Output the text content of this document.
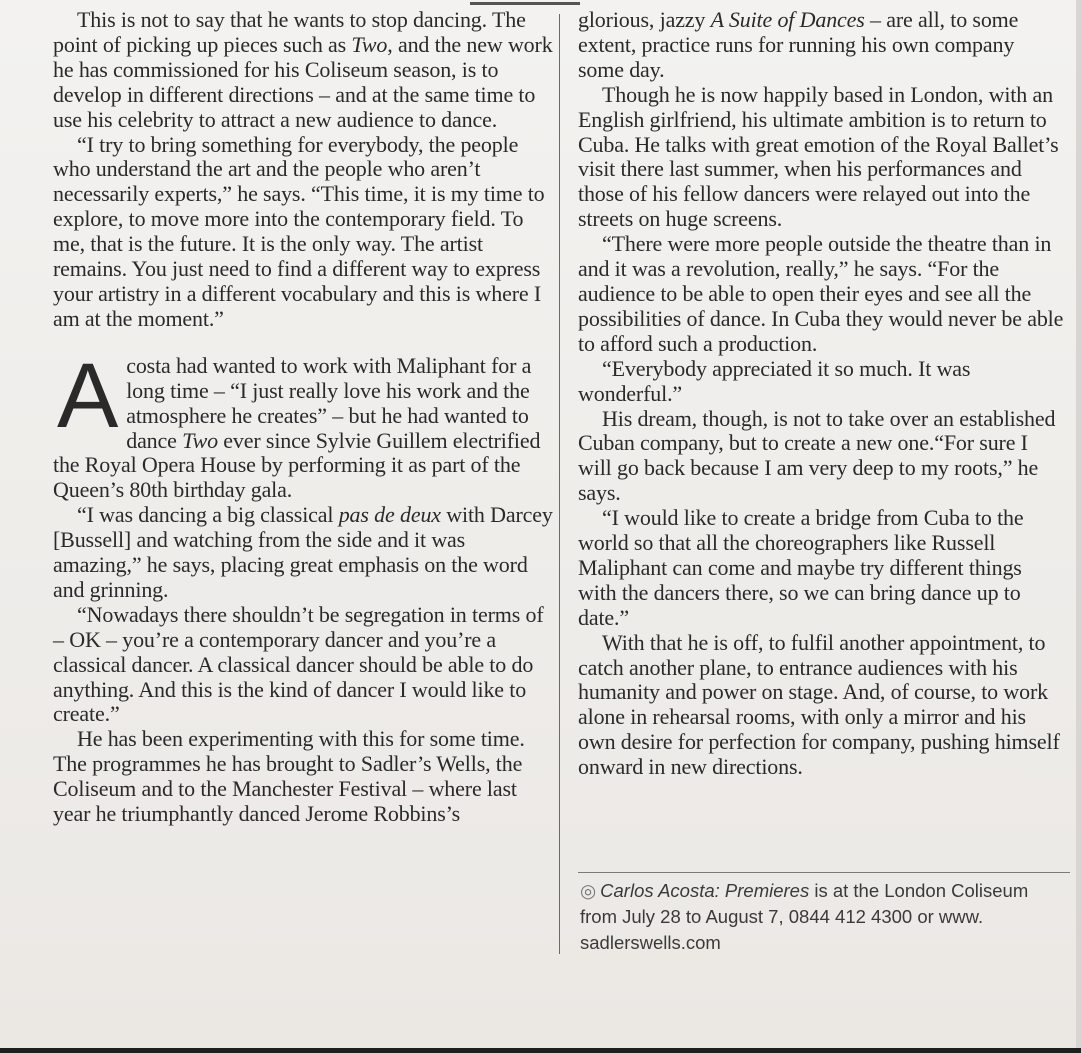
This is not to say that he wants to stop dancing. The point of picking up pieces such as Two, and the new work he has commissioned for his Coliseum season, is to develop in different directions – and at the same time to use his celebrity to attract a new audience to dance.

“I try to bring something for everybody, the people who understand the art and the people who aren’t necessarily experts,” he says. “This time, it is my time to explore, to move more into the contemporary field. To me, that is the future. It is the only way. The artist remains. You just need to find a different way to express your artistry in a different vocabulary and this is where I am at the moment.”

Acosta had wanted to work with Maliphant for a long time – “I just really love his work and the atmosphere he creates” – but he had wanted to dance Two ever since Sylvie Guillem electrified the Royal Opera House by performing it as part of the Queen’s 80th birthday gala.

“I was dancing a big classical pas de deux with Darcey [Bussell] and watching from the side and it was amazing,” he says, placing great emphasis on the word and grinning.

“Nowadays there shouldn’t be segregation in terms of – OK – you’re a contemporary dancer and you’re a classical dancer. A classical dancer should be able to do anything. And this is the kind of dancer I would like to create.”

He has been experimenting with this for some time. The programmes he has brought to Sadler’s Wells, the Coliseum and to the Manchester Festival – where last year he triumphantly danced Jerome Robbins’s

glorious, jazzy A Suite of Dances – are all, to some extent, practice runs for running his own company some day.

Though he is now happily based in London, with an English girlfriend, his ultimate ambition is to return to Cuba. He talks with great emotion of the Royal Ballet’s visit there last summer, when his performances and those of his fellow dancers were relayed out into the streets on huge screens.

“There were more people outside the theatre than in and it was a revolution, really,” he says. “For the audience to be able to open their eyes and see all the possibilities of dance. In Cuba they would never be able to afford such a production.

“Everybody appreciated it so much. It was wonderful.”

His dream, though, is not to take over an established Cuban company, but to create a new one.“For sure I will go back because I am very deep to my roots,” he says.

“I would like to create a bridge from Cuba to the world so that all the choreographers like Russell Maliphant can come and maybe try different things with the dancers there, so we can bring dance up to date.”

With that he is off, to fulfil another appointment, to catch another plane, to entrance audiences with his humanity and power on stage. And, of course, to work alone in rehearsal rooms, with only a mirror and his own desire for perfection for company, pushing himself onward in new directions.

◎ Carlos Acosta: Premieres is at the London Coliseum from July 28 to August 7, 0844 412 4300 or www. sadlerswells.com
